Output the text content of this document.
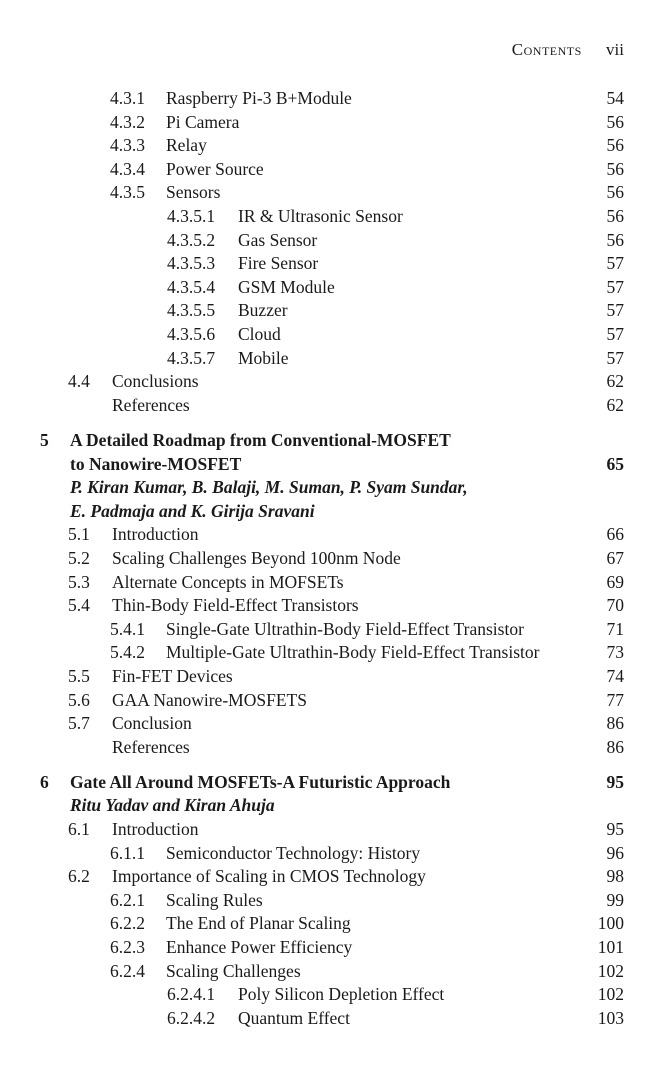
Contents vii
4.3.1 Raspberry Pi-3 B+Module	54
4.3.2 Pi Camera	56
4.3.3 Relay	56
4.3.4 Power Source	56
4.3.5 Sensors	56
4.3.5.1 IR & Ultrasonic Sensor	56
4.3.5.2 Gas Sensor	56
4.3.5.3 Fire Sensor	57
4.3.5.4 GSM Module	57
4.3.5.5 Buzzer	57
4.3.5.6 Cloud	57
4.3.5.7 Mobile	57
4.4 Conclusions	62
References	62
5 A Detailed Roadmap from Conventional-MOSFET
to Nanowire-MOSFET	65
P. Kiran Kumar, B. Balaji, M. Suman, P. Syam Sundar,
E. Padmaja and K. Girija Sravani
5.1 Introduction	66
5.2 Scaling Challenges Beyond 100nm Node	67
5.3 Alternate Concepts in MOFSETs	69
5.4 Thin-Body Field-Effect Transistors	70
5.4.1 Single-Gate Ultrathin-Body Field-Effect Transistor	71
5.4.2 Multiple-Gate Ultrathin-Body Field-Effect Transistor	73
5.5 Fin-FET Devices	74
5.6 GAA Nanowire-MOSFETS	77
5.7 Conclusion	86
References	86
6 Gate All Around MOSFETs-A Futuristic Approach	95
Ritu Yadav and Kiran Ahuja
6.1 Introduction	95
6.1.1 Semiconductor Technology: History	96
6.2 Importance of Scaling in CMOS Technology	98
6.2.1 Scaling Rules	99
6.2.2 The End of Planar Scaling	100
6.2.3 Enhance Power Efficiency	101
6.2.4 Scaling Challenges	102
6.2.4.1 Poly Silicon Depletion Effect	102
6.2.4.2 Quantum Effect	103
